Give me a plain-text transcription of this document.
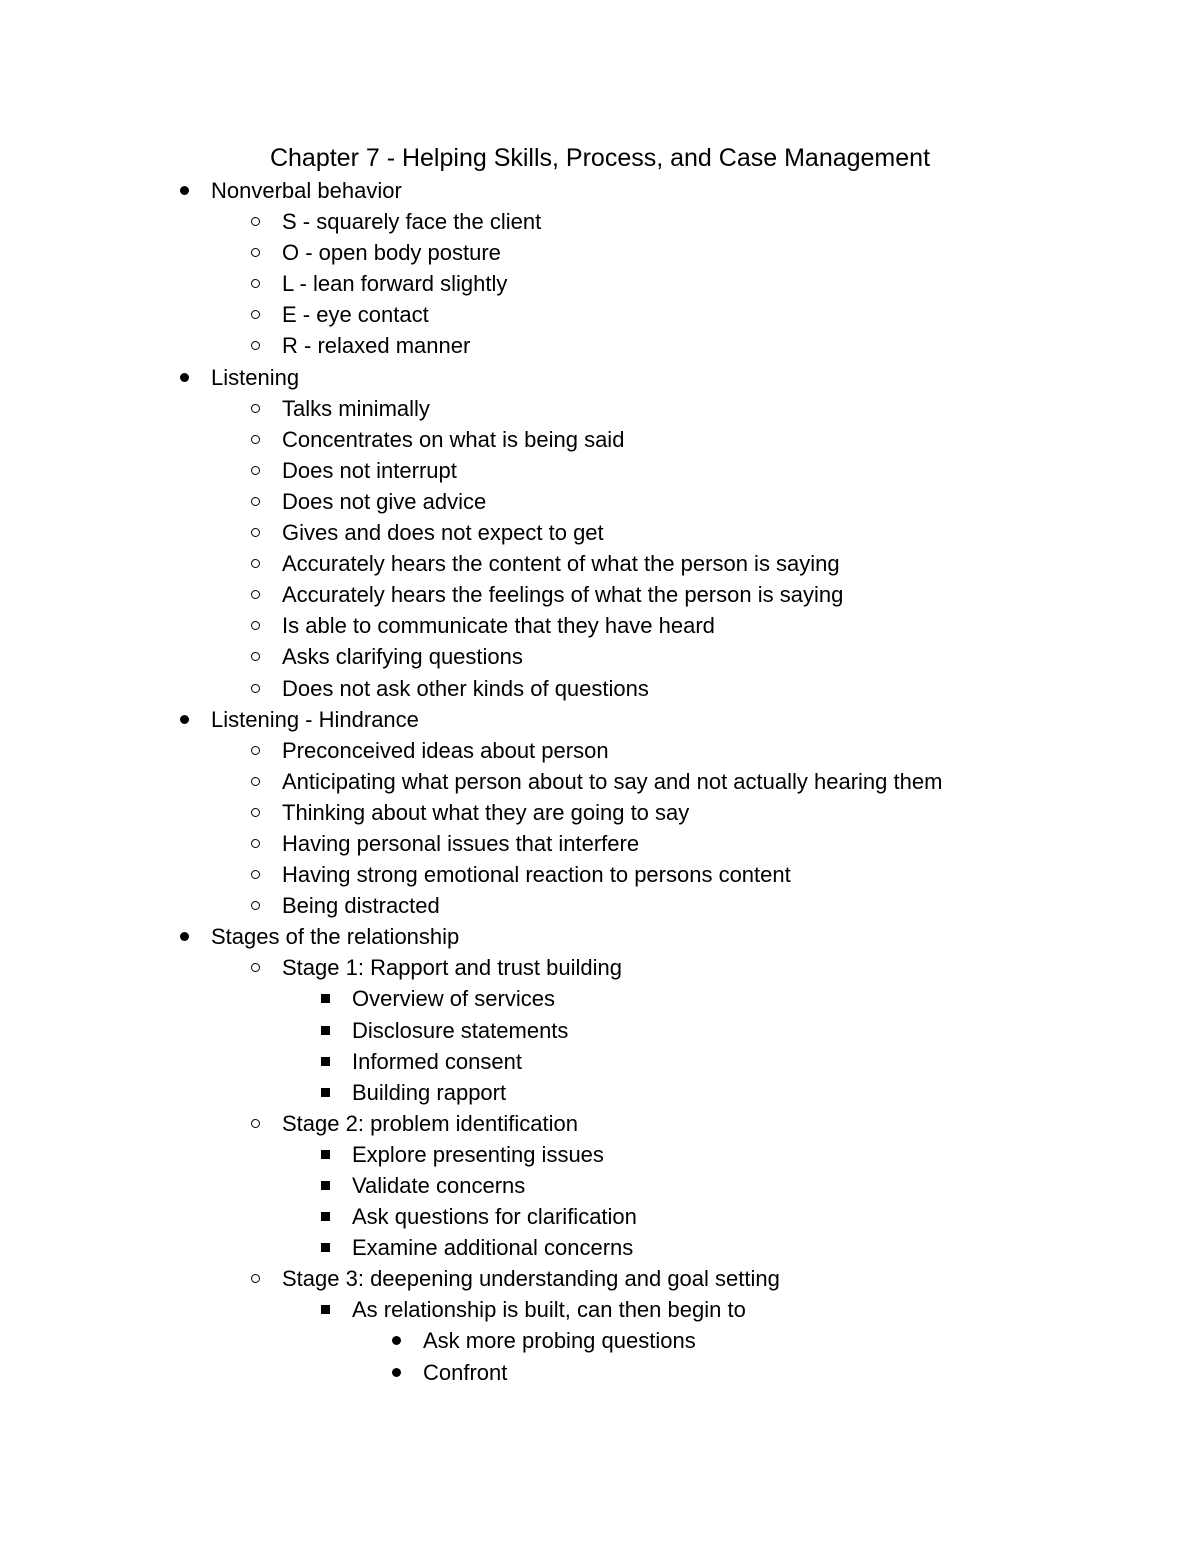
Chapter 7 - Helping Skills, Process, and Case Management
Nonverbal behavior
S - squarely face the client
O - open body posture
L - lean forward slightly
E - eye contact
R - relaxed manner
Listening
Talks minimally
Concentrates on what is being said
Does not interrupt
Does not give advice
Gives and does not expect to get
Accurately hears the content of what the person is saying
Accurately hears the feelings of what the person is saying
Is able to communicate that they have heard
Asks clarifying questions
Does not ask other kinds of questions
Listening - Hindrance
Preconceived ideas about person
Anticipating what person about to say and not actually hearing them
Thinking about what they are going to say
Having personal issues that interfere
Having strong emotional reaction to persons content
Being distracted
Stages of the relationship
Stage 1: Rapport and trust building
Overview of services
Disclosure statements
Informed consent
Building rapport
Stage 2: problem identification
Explore presenting issues
Validate concerns
Ask questions for clarification
Examine additional concerns
Stage 3: deepening understanding and goal setting
As relationship is built, can then begin to
Ask more probing questions
Confront
